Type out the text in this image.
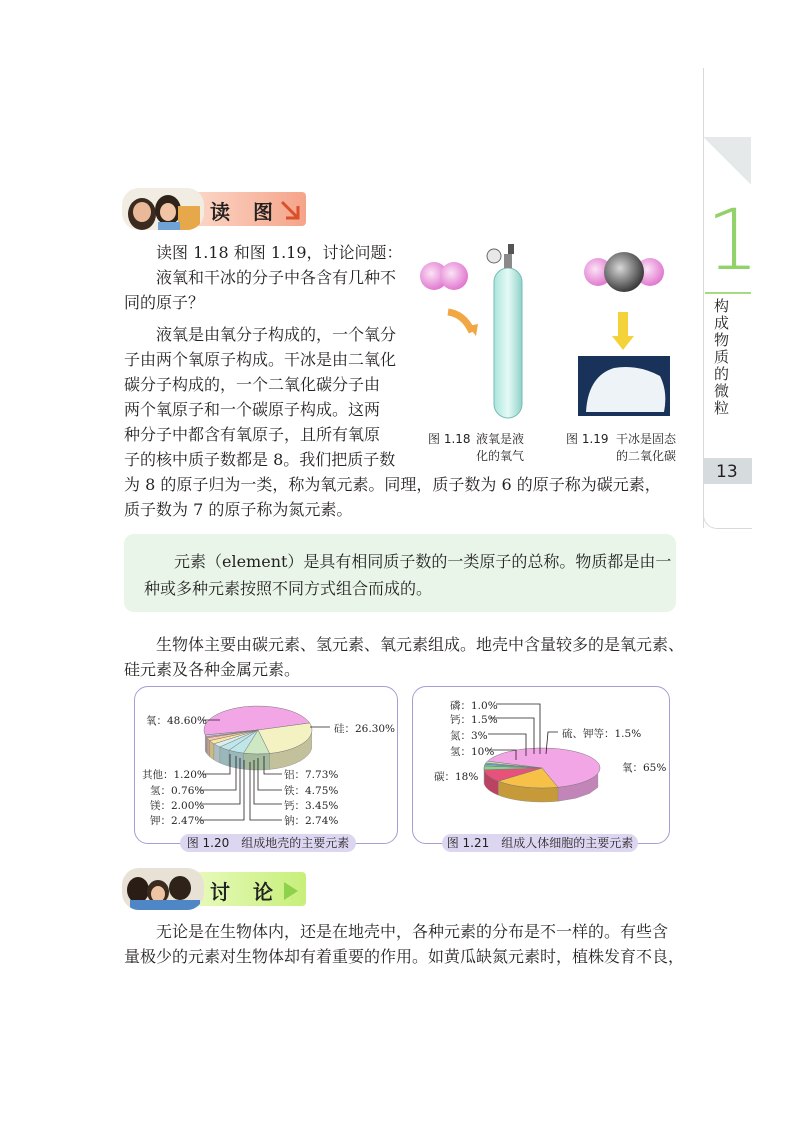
1
构成物质的微粒
13
读 图

读图 1.18 和图 1.19，讨论问题：

液氧和干冰的分子中各含有几种不

同的原子？

液氧是由氧分子构成的，一个氧分

子由两个氧原子构成。干冰是由二氧化

碳分子构成的，一个二氧化碳分子由

两个氧原子和一个碳原子构成。这两

种分子中都含有氧原子，且所有氧原

子的核中质子数都是 8。我们把质子数

为 8 的原子归为一类，称为氧元素。同理，质子数为 6 的原子称为碳元素，

质子数为 7 的原子称为氮元素。

图 1.18 液氧是液
化的氧气
图 1.19 干冰是固态
的二氧化碳

元素（element）是具有相同质子数的一类原子的总称。物质都是由一

种或多种元素按照不同方式组合而成的。

生物体主要由碳元素、氢元素、氧元素组成。地壳中含量较多的是氧元素、

硅元素及各种金属元素。

图 1.20　组成地壳的主要元素
氧：48.60%
硅：26.30%
其他：1.20%
氢：0.76%
镁：2.00%
钾：2.47%
铝：7.73%
铁：4.75%
钙：3.45%
钠：2.74%
图 1.21　组成人体细胞的主要元素
磷：1.0%
钙：1.5%
氮：3%
氢：10%
碳：18%
硫、钾等：1.5%
氧：65%
讨 论

无论是在生物体内，还是在地壳中，各种元素的分布是不一样的。有些含

量极少的元素对生物体却有着重要的作用。如黄瓜缺氮元素时，植株发育不良，
